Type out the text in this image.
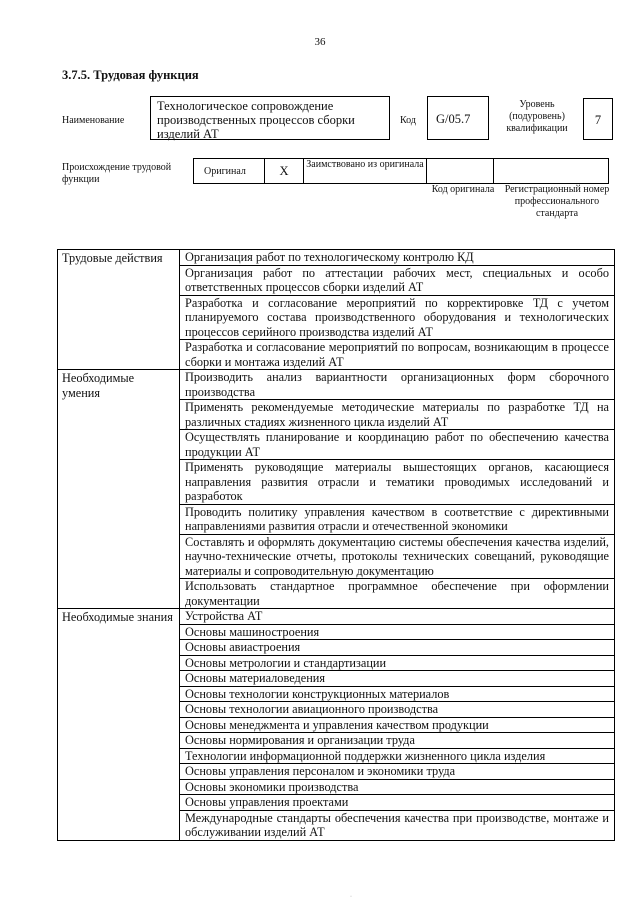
36
3.7.5. Трудовая функция
Наименование
Технологическое сопровождение производственных процессов сборки изделий АТ
Код	G/05.7
Уровень (подуровень) квалификации
7
Происхождение трудовой функции
Оригинал	X	Заимствовано из оригинала		
Код оригинала	Регистрационный номер профессионального стандарта
Трудовые действия	Организация работ по технологическому контролю КД
	Организация работ по аттестации рабочих мест, специальных и особо ответственных процессов сборки изделий АТ
	Разработка и согласование мероприятий по корректировке ТД с учетом планируемого состава производственного оборудования и технологических процессов серийного производства изделий АТ
	Разработка и согласование мероприятий по вопросам, возникающим в процессе сборки и монтажа изделий АТ
Необходимые умения	Производить анализ вариантности организационных форм сборочного производства
	Применять рекомендуемые методические материалы по разработке ТД на различных стадиях жизненного цикла изделий АТ
	Осуществлять планирование и координацию работ по обеспечению качества продукции АТ
	Применять руководящие материалы вышестоящих органов, касающиеся направления развития отрасли и тематики проводимых исследований и разработок
	Проводить политику управления качеством в соответствие с директивными направлениями развития отрасли и отечественной экономики
	Составлять и оформлять документацию системы обеспечения качества изделий, научно-технические отчеты, протоколы технических совещаний, руководящие материалы и сопроводительную документацию
	Использовать стандартное программное обеспечение при оформлении документации
Необходимые знания	Устройства АТ
	Основы машиностроения
	Основы авиастроения
	Основы метрологии и стандартизации
	Основы материаловедения
	Основы технологии конструкционных материалов
	Основы технологии авиационного производства
	Основы менеджмента и управления качеством продукции
	Основы нормирования и организации труда
	Технологии информационной поддержки жизненного цикла изделия
	Основы управления персоналом и экономики труда
	Основы экономики производства
	Основы управления проектами
	Международные стандарты обеспечения качества при производстве, монтаже и обслуживании изделий АТ
·
